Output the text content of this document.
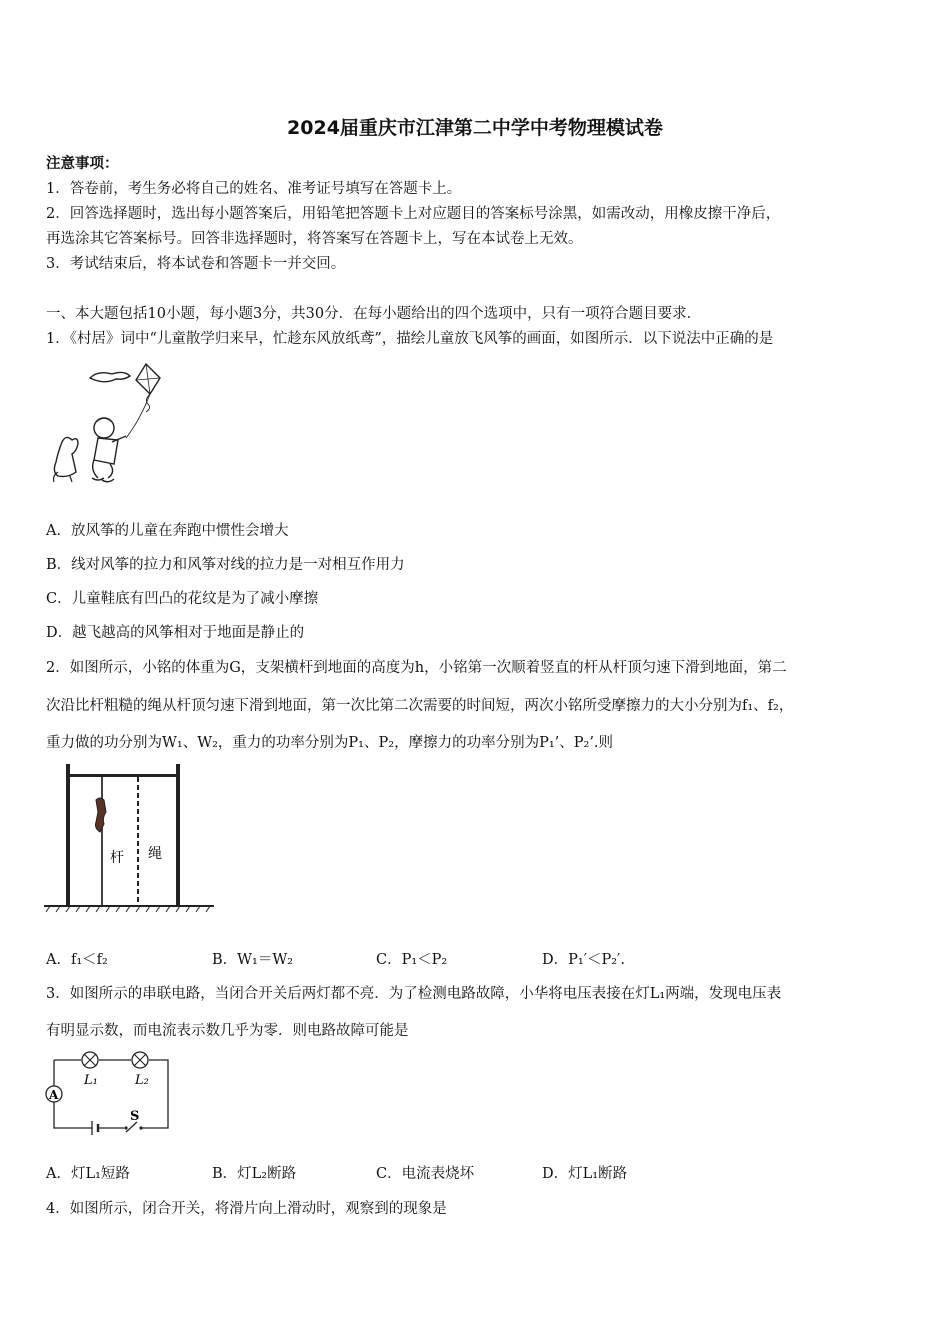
2024届重庆市江津第二中学中考物理模试卷
注意事项：
1．答卷前，考生务必将自己的姓名、准考证号填写在答题卡上。
2．回答选择题时，选出每小题答案后，用铅笔把答题卡上对应题目的答案标号涂黑，如需改动，用橡皮擦干净后，
再选涂其它答案标号。回答非选择题时，将答案写在答题卡上，写在本试卷上无效。
3．考试结束后，将本试卷和答题卡一并交回。
一、本大题包括10小题，每小题3分，共30分．在每小题给出的四个选项中，只有一项符合题目要求．
1．《村居》词中“儿童散学归来早，忙趁东风放纸鸢”，描绘儿童放飞风筝的画面，如图所示．以下说法中正确的是
A．放风筝的儿童在奔跑中惯性会增大
B．线对风筝的拉力和风筝对线的拉力是一对相互作用力
C．儿童鞋底有凹凸的花纹是为了减小摩擦
D．越飞越高的风筝相对于地面是静止的
2．如图所示，小铭的体重为G，支架横杆到地面的高度为h，小铭第一次顺着竖直的杆从杆顶匀速下滑到地面，第二
次沿比杆粗糙的绳从杆顶匀速下滑到地面，第一次比第二次需要的时间短，两次小铭所受摩擦力的大小分别为f₁、f₂，
重力做的功分别为W₁、W₂，重力的功率分别为P₁、P₂，摩擦力的功率分别为P₁’、P₂’.则
杆 绳
A．f₁＜f₂	B．W₁＝W₂	C．P₁＜P₂	D．P₁′＜P₂′.
3．如图所示的串联电路，当闭合开关后两灯都不亮．为了检测电路故障，小华将电压表接在灯L₁两端，发现电压表
有明显示数，而电流表示数几乎为零．则电路故障可能是
A
L₁	L₂
S
A．灯L₁短路	B．灯L₂断路	C．电流表烧坏	D．灯L₁断路
4．如图所示，闭合开关，将滑片向上滑动时，观察到的现象是
